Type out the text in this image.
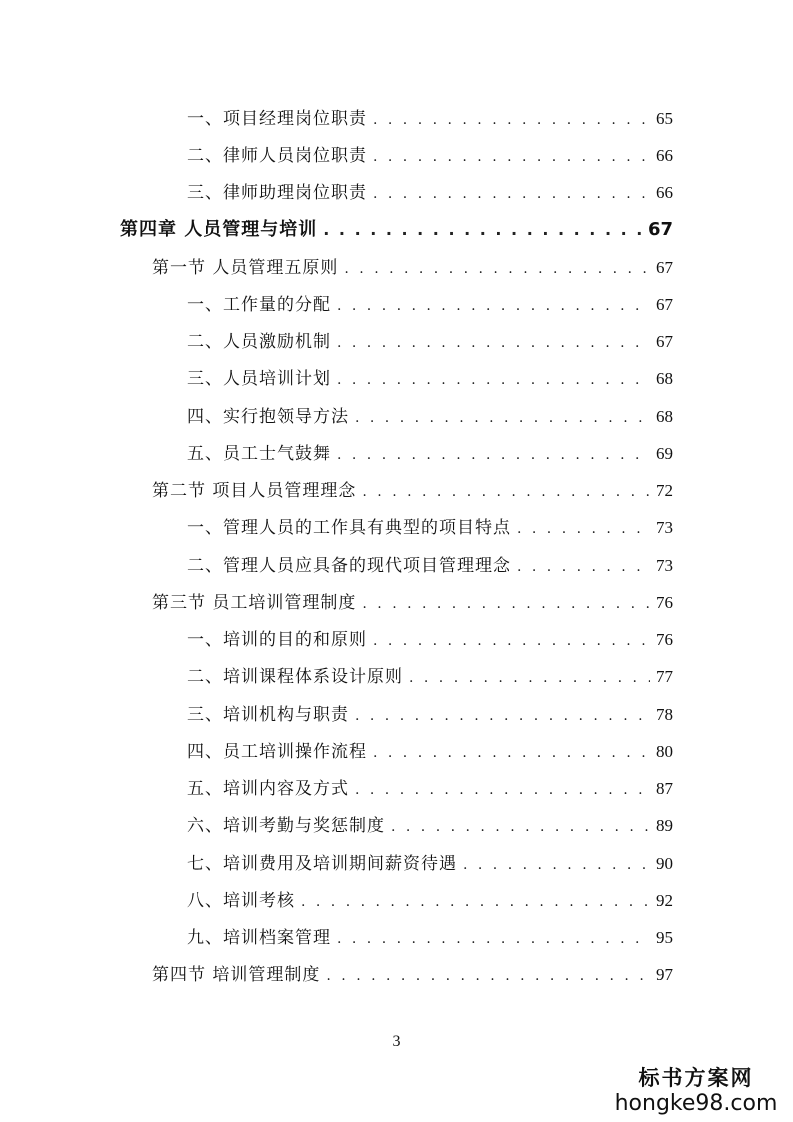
一、项目经理岗位职责 . . .	65
二、律师人员岗位职责 . . .	66
三、律师助理岗位职责 . . .	66
第四章 人员管理与培训 . . .	67
第一节 人员管理五原则 . . .	67
一、工作量的分配 . . .	67
二、人员激励机制 . . .	67
三、人员培训计划 . . .	68
四、实行抱领导方法 . . .	68
五、员工士气鼓舞 . . .	69
第二节 项目人员管理理念 . . .	72
一、管理人员的工作具有典型的项目特点 . . .	73
二、管理人员应具备的现代项目管理理念 . . .	73
第三节 员工培训管理制度 . . .	76
一、培训的目的和原则 . . .	76
二、培训课程体系设计原则 . . .	77
三、培训机构与职责 . . .	78
四、员工培训操作流程 . . .	80
五、培训内容及方式 . . .	87
六、培训考勤与奖惩制度 . . .	89
七、培训费用及培训期间薪资待遇 . . .	90
八、培训考核 . . .	92
九、培训档案管理 . . .	95
第四节 培训管理制度 . . .	97
3
标书方案网
hongke98.com
